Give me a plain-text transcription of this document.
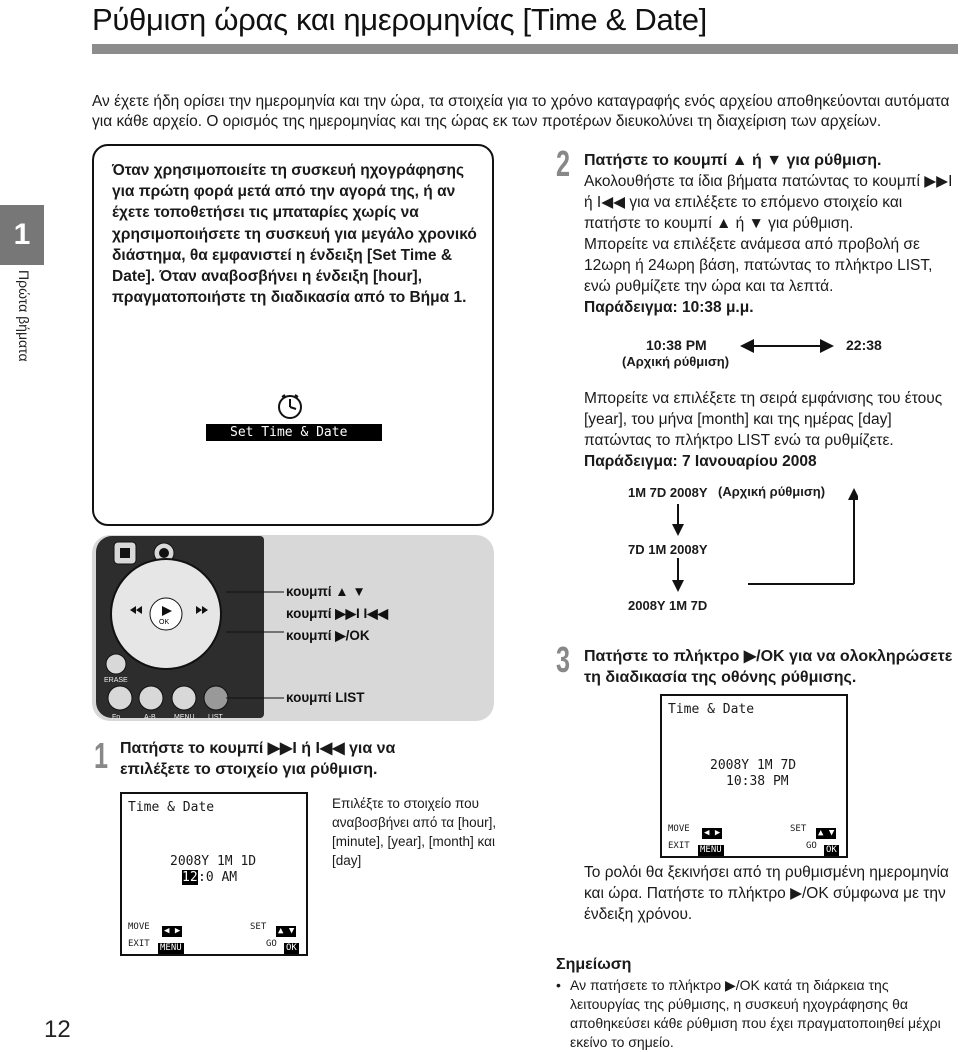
Ρύθμιση ώρας και ημερομηνίας [Time & Date]
Αν έχετε ήδη ορίσει την ημερομηνία και την ώρα, τα στοιχεία για το χρόνο καταγραφής ενός αρχείου αποθηκεύονται αυτόματα για κάθε αρχείο. Ο ορισμός της ημερομηνίας και της ώρας εκ των προτέρων διευκολύνει τη διαχείριση των αρχείων.
1
Πρώτα βήματα
12
Όταν χρησιμοποιείτε τη συσκευή ηχογράφησης για πρώτη φορά μετά από την αγορά της, ή αν έχετε τοποθετήσει τις μπαταρίες χωρίς να χρησιμοποιήσετε τη συσκευή για μεγάλο χρονικό διάστημα, θα εμφανιστεί η ένδειξη [Set Time & Date]. Όταν αναβοσβήνει η ένδειξη [hour], πραγματοποιήστε τη διαδικασία από το Βήμα 1.
Set Time & Date
OK
ERASE
Fn	A-B	MENU LIST
κουμπί ▲ ▼
κουμπί ▶▶I I◀◀
κουμπί ▶/OK
κουμπί LIST
1 Πατήστε το κουμπί ▶▶I ή I◀◀ για να επιλέξετε το στοιχείο για ρύθμιση.
Time & Date
2008Y 1M 1D
12 :0 AM
MOVE ◀ ▶	SET ▲ ▼
EXIT MENU	GO OK
Επιλέξτε το στοιχείο που αναβοσβήνει από τα [hour], [minute], [year], [month] και [day]
2 Πατήστε το κουμπί ▲ ή ▼ για ρύθμιση.
Ακολουθήστε τα ίδια βήματα πατώντας το κουμπί ▶▶I ή I◀◀ για να επιλέξετε το επόμενο στοιχείο και πατήστε το κουμπί ▲ ή ▼ για ρύθμιση.
Μπορείτε να επιλέξετε ανάμεσα από προβολή σε 12ωρη ή 24ωρη βάση, πατώντας το πλήκτρο LIST, ενώ ρυθμίζετε την ώρα και τα λεπτά.
Παράδειγμα: 10:38 μ.μ.
10:38 PM
(Αρχική ρύθμιση)
22:38
Μπορείτε να επιλέξετε τη σειρά εμφάνισης του έτους [year], του μήνα [month] και της ημέρας [day] πατώντας το πλήκτρο LIST ενώ τα ρυθμίζετε.
Παράδειγμα: 7 Ιανουαρίου 2008
1M 7D 2008Y (Αρχική ρύθμιση)
7D 1M 2008Y
2008Y 1M 7D
3 Πατήστε το πλήκτρο ▶/OK για να ολοκληρώσετε τη διαδικασία της οθόνης ρύθμισης.
Time & Date
2008Y 1M 7D
10:38 PM
MOVE ◀ ▶	SET ▲ ▼
EXIT MENU	GO OK
Το ρολόι θα ξεκινήσει από τη ρυθμισμένη ημερομηνία και ώρα. Πατήστε το πλήκτρο ▶/OK σύμφωνα με την ένδειξη χρόνου.
Σημείωση
• Αν πατήσετε το πλήκτρο ▶/OK κατά τη διάρκεια της λειτουργίας της ρύθμισης, η συσκευή ηχογράφησης θα αποθηκεύσει κάθε ρύθμιση που έχει πραγματοποιηθεί μέχρι εκείνο το σημείο.
